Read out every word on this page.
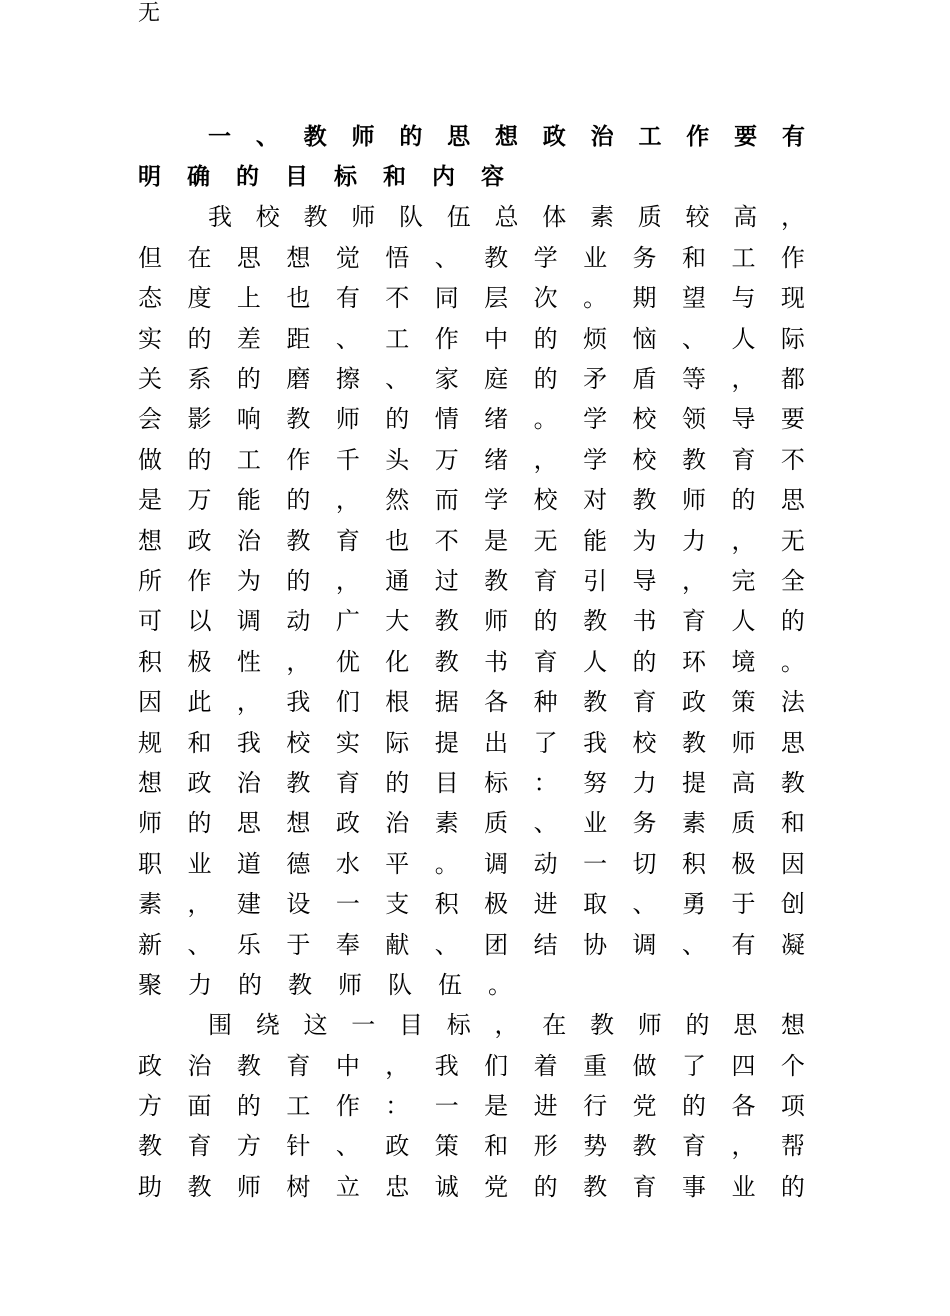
无
一 、 教 师 的 思 想 政 治 工 作 要 有
明 确 的 目 标 和 内 容
我 校 教 师 队 伍 总 体 素 质 较 高 ，
但 在 思 想 觉 悟 、 教 学 业 务 和 工 作
态 度 上 也 有 不 同 层 次 。 期 望 与 现
实 的 差 距 、 工 作 中 的 烦 恼 、 人 际
关 系 的 磨 擦 、 家 庭 的 矛 盾 等 ， 都
会 影 响 教 师 的 情 绪 。 学 校 领 导 要
做 的 工 作 千 头 万 绪 ， 学 校 教 育 不
是 万 能 的 ， 然 而 学 校 对 教 师 的 思
想 政 治 教 育 也 不 是 无 能 为 力 ， 无
所 作 为 的 ， 通 过 教 育 引 导 ， 完 全
可 以 调 动 广 大 教 师 的 教 书 育 人 的
积 极 性 ， 优 化 教 书 育 人 的 环 境 。
因 此 ， 我 们 根 据 各 种 教 育 政 策 法
规 和 我 校 实 际 提 出 了 我 校 教 师 思
想 政 治 教 育 的 目 标 ： 努 力 提 高 教
师 的 思 想 政 治 素 质 、 业 务 素 质 和
职 业 道 德 水 平 。 调 动 一 切 积 极 因
素 ， 建 设 一 支 积 极 进 取 、 勇 于 创
新 、 乐 于 奉 献 、 团 结 协 调 、 有 凝
聚 力 的 教 师 队 伍 。
围 绕 这 一 目 标 ， 在 教 师 的 思 想
政 治 教 育 中 ， 我 们 着 重 做 了 四 个
方 面 的 工 作 ： 一 是 进 行 党 的 各 项
教 育 方 针 、 政 策 和 形 势 教 育 ， 帮
助 教 师 树 立 忠 诚 党 的 教 育 事 业 的
